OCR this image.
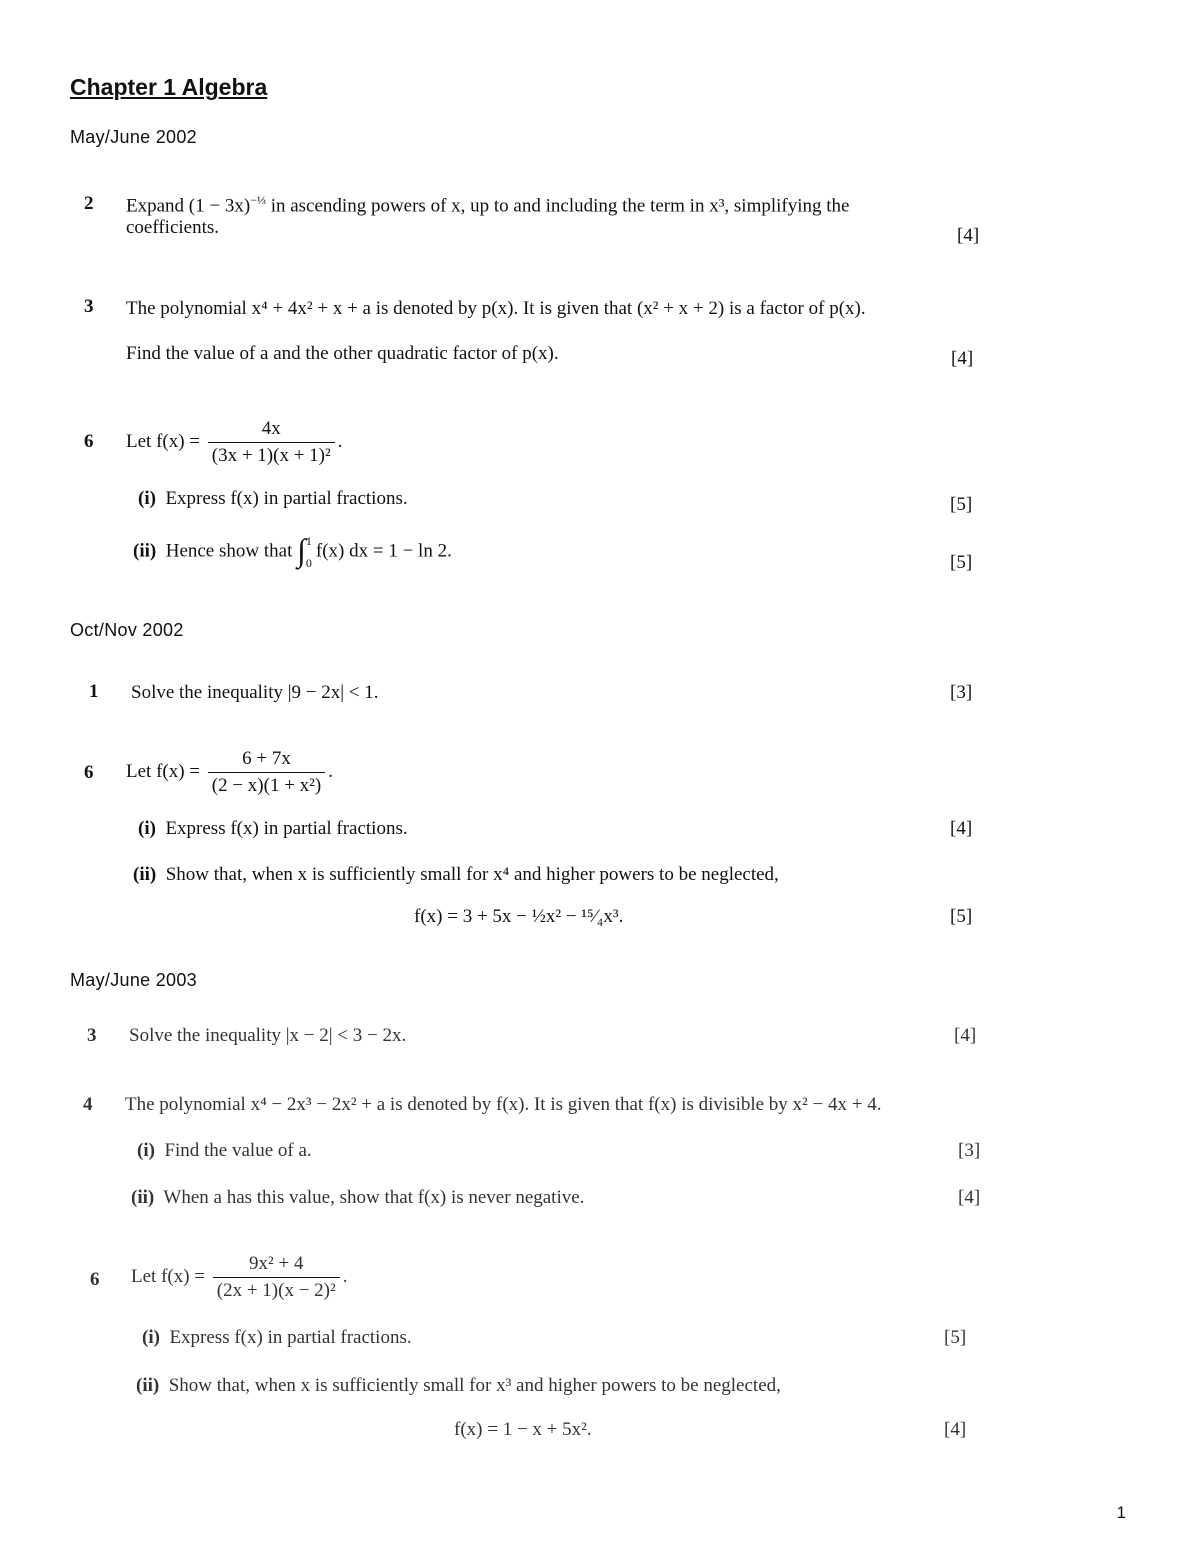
Chapter 1 Algebra
May/June 2002
2 Expand $(1 - 3x)^{-\frac{1}{3}}$ in ascending powers of x, up to and including the term in x³, simplifying the
coefficients.	[4]
3 The polynomial x⁴ + 4x² + x + a is denoted by p(x). It is given that (x² + x + 2) is a factor of p(x).
Find the value of a and the other quadratic factor of p(x).	[4]
6 Let $f(x) = \frac{4x}{\text{(3x + 1)(x + 1)²}}$ .
(i) Express f(x) in partial fractions.	[5]
(ii) Hence show that ∫ 1
0
f(x) dx = 1 − ln 2.
[5]
Oct/Nov 2002
1 Solve the inequality |9 − 2x| < 1.	[3]
6 Let $f(x) = \frac{6 + 7x}{\text{(2 − x)(1 + x²)}}$ .
(i) Express f(x) in partial fractions.	[4]
(ii) Show that, when x is sufficiently small for x⁴ and higher powers to be neglected,
f(x) = 3 + 5x − ½x² − ¹⁵⁄₄x³.	[5]
May/June 2003
3 Solve the inequality |x − 2| < 3 − 2x.	[4]
4 The polynomial x⁴ − 2x³ − 2x² + a is denoted by f(x). It is given that f(x) is divisible by x² − 4x + 4.
(i) Find the value of a.	[3]
(ii) When a has this value, show that f(x) is never negative.	[4]
6 Let $f(x) = \frac{\text{9x² + 4}}{\text{(2x + 1)(x − 2)²}}$ .
(i) Express f(x) in partial fractions.	[5]
(ii) Show that, when x is sufficiently small for x³ and higher powers to be neglected,
f(x) = 1 − x + 5x².	[4]
1
